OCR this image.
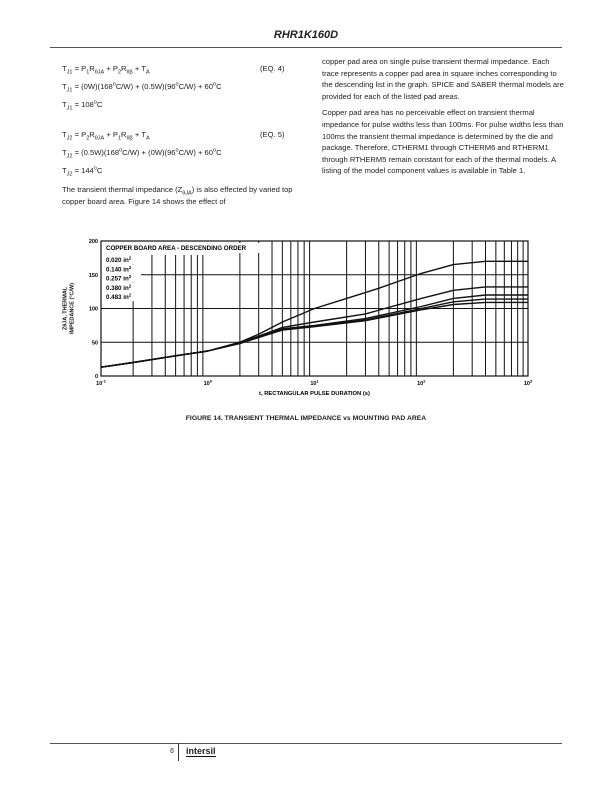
RHR1K160D
$T_{J1} = P_1R_{\theta JA} + P_2R_{\theta\beta} + T_A$	(EQ. 4)
$T_{J1} = (0W)(168^oC/W) + (0.5W)(96^oC/W) + 60^oC$
$T_{J1} = 108^oC$
$T_{J2} = P_2R_{\theta JA} + P_1R_{\theta\beta} + T_A$	(EQ. 5)
$T_{J2} = (0.5W)(168^oC/W) + (0W)(96^oC/W) + 60^oC$
$T_{J2} = 144^oC$
The transient thermal impedance $(Z_{\theta JA})$ is also effected by varied top copper board area. Figure 14 shows the effect of

copper pad area on single pulse transient thermal impedance. Each trace represents a copper pad area in square inches corresponding to the descending list in the graph. SPICE and SABER thermal models are provided for each of the listed pad areas.

Copper pad area has no perceivable effect on transient thermal impedance for pulse widths less than 100ms. For pulse widths less than 100ms the transient thermal impedance is determined by the die and package. Therefore, CTHERM1 through CTHERM6 and RTHERM1 through RTHERM5 remain constant for each of the thermal models. A listing of the model component values is available in Table 1.

COPPER BOARD AREA - DESCENDING ORDER
0.020 $in^2$
0.140 $in^2$
0.257 $in^2$
0.380 $in^2$
0.483 $in^2$
0
50
100
150
200
$10^{-1}$	$10^0$	$10^1$	$10^2$	$10^3$
t, RECTANGULAR PULSE DURATION (s)
ZθJA, THERMAL IMPEDANCE (°C/W)
FIGURE 14. TRANSIENT THERMAL IMPEDANCE vs MOUNTING PAD AREA
6 intersil
